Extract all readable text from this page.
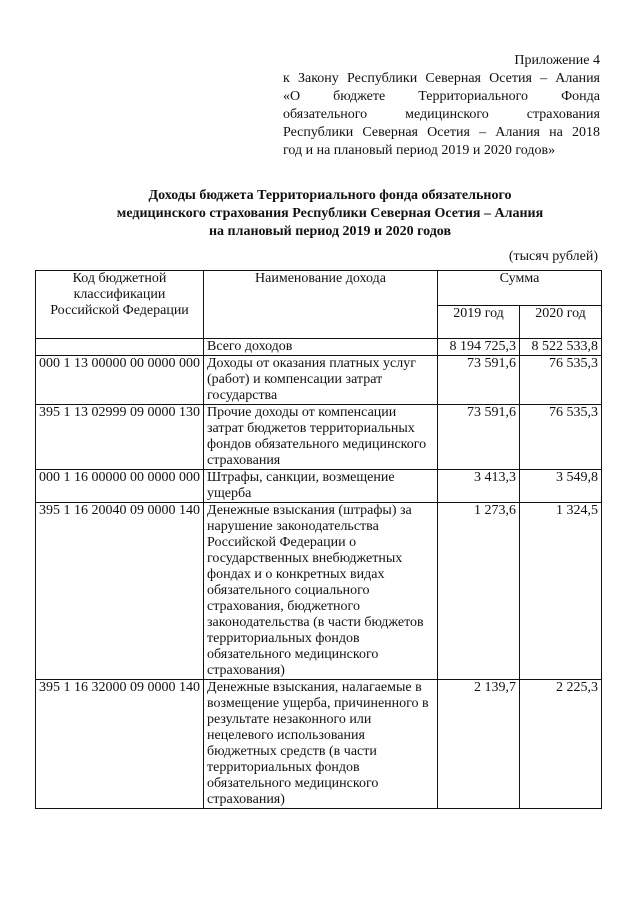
Приложение 4
к Закону Республики Северная Осетия – Алания
«О бюджете Территориального Фонда
обязательного медицинского страхования
Республики Северная Осетия – Алания на 2018
год и на плановый период 2019 и 2020 годов»
Доходы бюджета Территориального фонда обязательного
медицинского страхования Республики Северная Осетия – Алания
на плановый период 2019 и 2020 годов
(тысяч рублей)
Код бюджетной классификации Российской Федерации	Наименование дохода	Сумма	
		2019 год	2020 год
	Всего доходов	8 194 725,3	8 522 533,8
000 1 13 00000 00 0000 000	Доходы от оказания платных услуг (работ) и компенсации затрат государства	73 591,6	76 535,3
395 1 13 02999 09 0000 130	Прочие доходы от компенсации затрат бюджетов территориальных фондов обязательного медицинского страхования	73 591,6	76 535,3
000 1 16 00000 00 0000 000	Штрафы, санкции, возмещение ущерба	3 413,3	3 549,8
395 1 16 20040 09 0000 140	Денежные взыскания (штрафы) за нарушение законодательства Российской Федерации о государственных внебюджетных фондах и о конкретных видах обязательного социального страхования, бюджетного законодательства (в части бюджетов территориальных фондов обязательного медицинского страхования)	1 273,6	1 324,5
395 1 16 32000 09 0000 140	Денежные взыскания, налагаемые в возмещение ущерба, причиненного в результате незаконного или нецелевого использования бюджетных средств (в части территориальных фондов обязательного медицинского страхования)	2 139,7	2 225,3
